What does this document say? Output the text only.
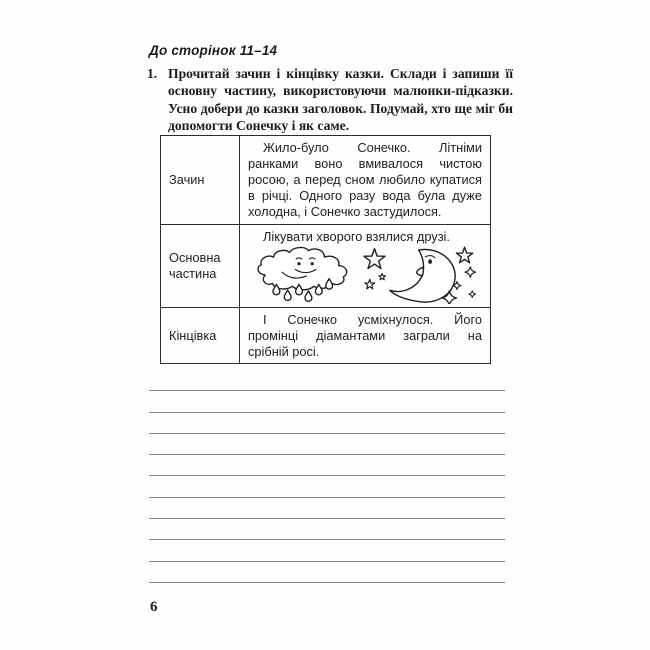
До сторінок 11–14
1. Прочитай зачин і кінцівку казки. Склади і запиши її основну частину, використовуючи малюнки-підказки. Усно добери до казки заголовок. Подумай, хто ще міг би допомогти Сонечку і як саме.

Зачин	Жило-було Сонечко. Літніми ранками воно вмивалося чистою росою, а перед сном любило купатися в річці. Одного разу вода була дуже холодна, і Сонечко застудилося.

Основна частина	Лікувати хворого взялися друзі.

Кінцівка	І Сонечко усміхнулося. Його промінці діамантами заграли на срібній росі.

6
